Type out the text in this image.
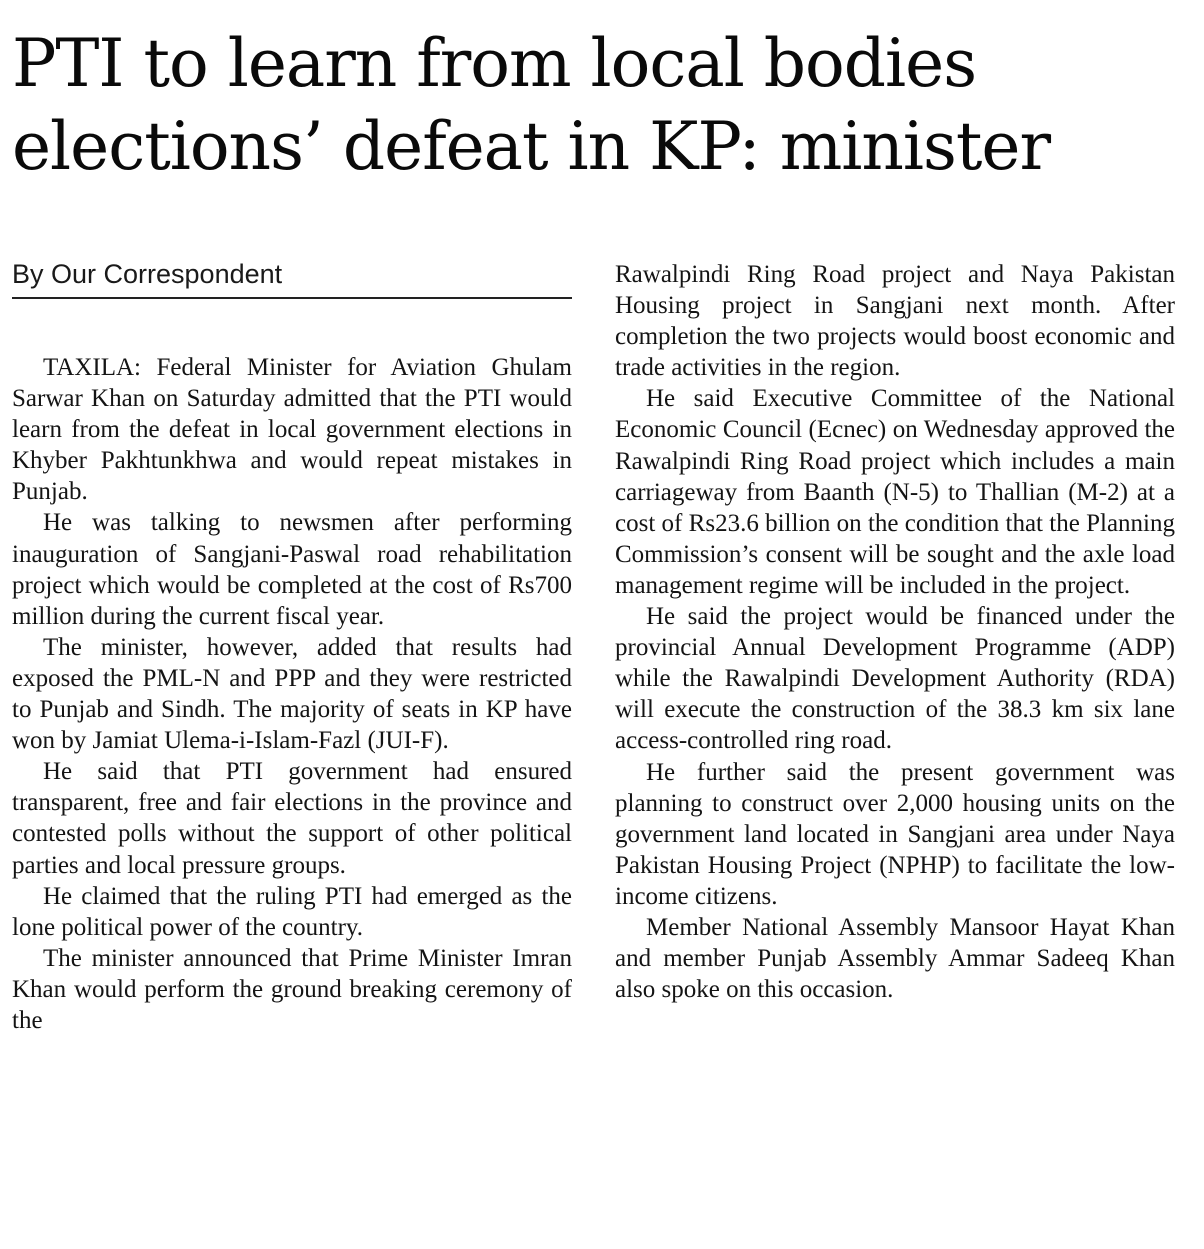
PTI to learn from local bodies
elections’ defeat in KP: minister
By Our Correspondent

TAXILA: Federal Minister for Aviation Ghulam Sarwar Khan on Saturday admitted that the PTI would learn from the defeat in local government elections in Khyber Pakhtunkhwa and would repeat mistakes in Punjab.

He was talking to newsmen after performing inauguration of Sangjani-Paswal road rehabilitation project which would be completed at the cost of Rs700 million during the current fiscal year.

The minister, however, added that results had exposed the PML-N and PPP and they were restricted to Punjab and Sindh. The majority of seats in KP have won by Jamiat Ulema-i-Islam-Fazl (JUI-F).

He said that PTI government had ensured transparent, free and fair elections in the province and contested polls without the support of other political parties and local pressure groups.

He claimed that the ruling PTI had emerged as the lone political power of the country.

The minister announced that Prime Minister Imran Khan would perform the ground breaking ceremony of the

Rawalpindi Ring Road project and Naya Pakistan Housing project in Sangjani next month. After completion the two projects would boost economic and trade activities in the region.

He said Executive Committee of the National Economic Council (Ecnec) on Wednesday approved the Rawalpindi Ring Road project which includes a main carriageway from Baanth (N-5) to Thallian (M-2) at a cost of Rs23.6 billion on the condition that the Planning Commission’s consent will be sought and the axle load management regime will be included in the project.

He said the project would be financed under the provincial Annual Development Programme (ADP) while the Rawalpindi Development Authority (RDA) will execute the construction of the 38.3 km six lane access-controlled ring road.

He further said the present government was planning to construct over 2,000 housing units on the government land located in Sangjani area under Naya Pakistan Housing Project (NPHP) to facilitate the low-income citizens.

Member National Assembly Mansoor Hayat Khan and member Punjab Assembly Ammar Sadeeq Khan also spoke on this occasion.
